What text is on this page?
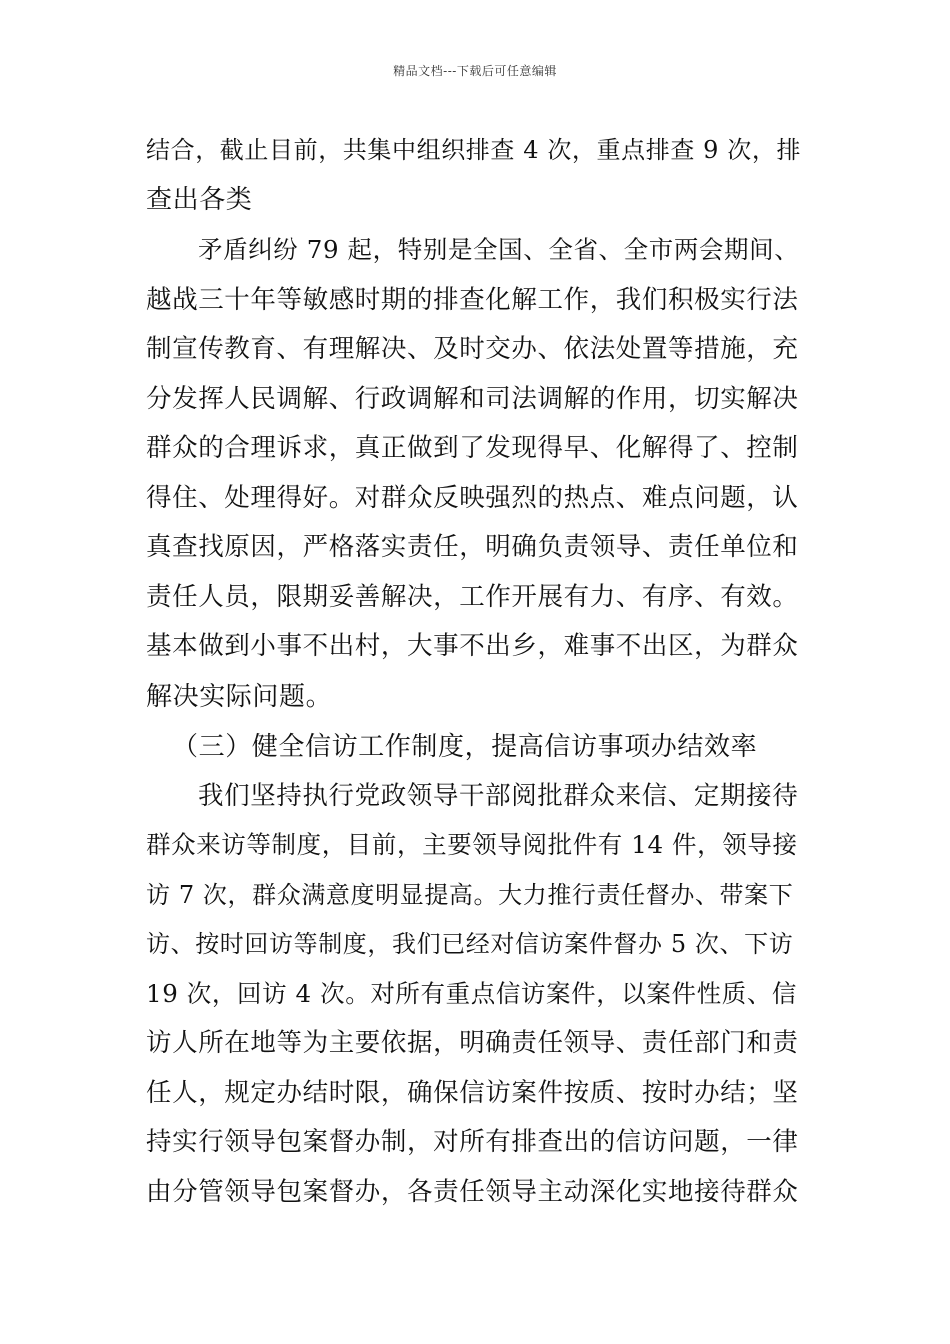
精品文档---下载后可任意编辑
结合，截止目前，共集中组织排查 4 次，重点排查 9 次，排
查出各类
矛盾纠纷 79 起，特别是全国、全省、全市两会期间、
越战三十年等敏感时期的排查化解工作，我们积极实行法
制宣传教育、有理解决、及时交办、依法处置等措施，充
分发挥人民调解、行政调解和司法调解的作用，切实解决
群众的合理诉求，真正做到了发现得早、化解得了、控制
得住、处理得好。对群众反映强烈的热点、难点问题，认
真查找原因，严格落实责任，明确负责领导、责任单位和
责任人员，限期妥善解决，工作开展有力、有序、有效。
基本做到小事不出村，大事不出乡，难事不出区，为群众
解决实际问题。
（三）健全信访工作制度，提高信访事项办结效率
我们坚持执行党政领导干部阅批群众来信、定期接待
群众来访等制度，目前，主要领导阅批件有 14 件，领导接
访 7 次，群众满意度明显提高。大力推行责任督办、带案下
访、按时回访等制度，我们已经对信访案件督办 5 次、下访
19 次，回访 4 次。对所有重点信访案件，以案件性质、信
访人所在地等为主要依据，明确责任领导、责任部门和责
任人，规定办结时限，确保信访案件按质、按时办结；坚
持实行领导包案督办制，对所有排查出的信访问题，一律
由分管领导包案督办，各责任领导主动深化实地接待群众
